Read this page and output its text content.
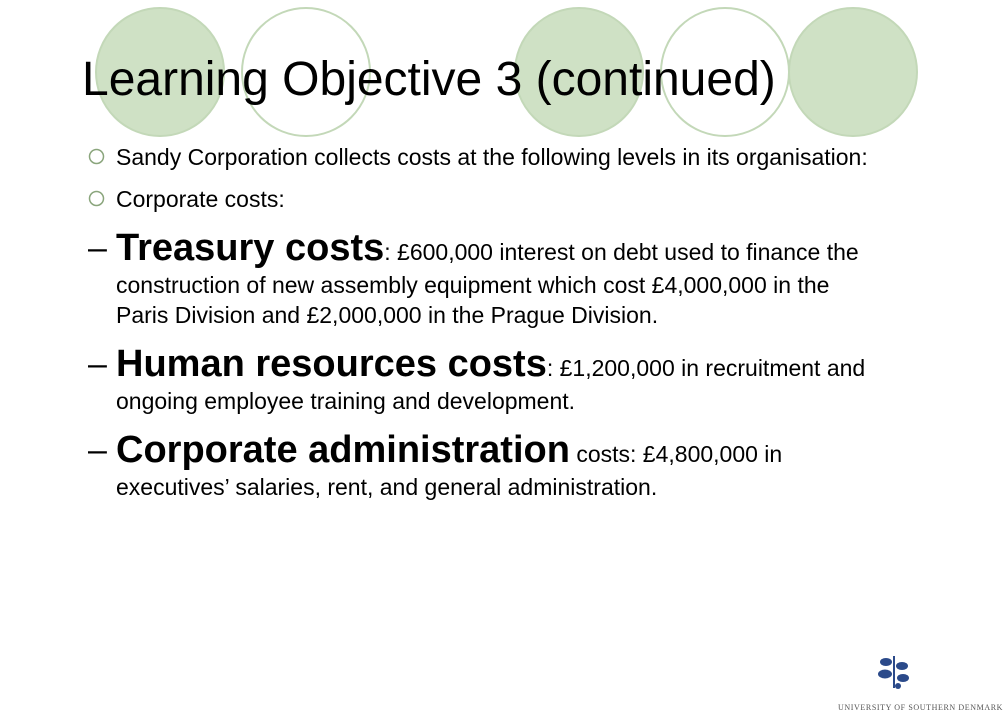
Learning Objective 3 (continued)
Sandy Corporation collects costs at the following levels in its organisation:
Corporate costs:
– Treasury costs: £600,000 interest on debt used to finance the construction of new assembly equipment which cost £4,000,000 in the Paris Division and £2,000,000 in the Prague Division.
– Human resources costs: £1,200,000 in recruitment and ongoing employee training and development.
– Corporate administration costs: £4,800,000 in executives’ salaries, rent, and general administration.
UNIVERSITY OF SOUTHERN DENMARK
